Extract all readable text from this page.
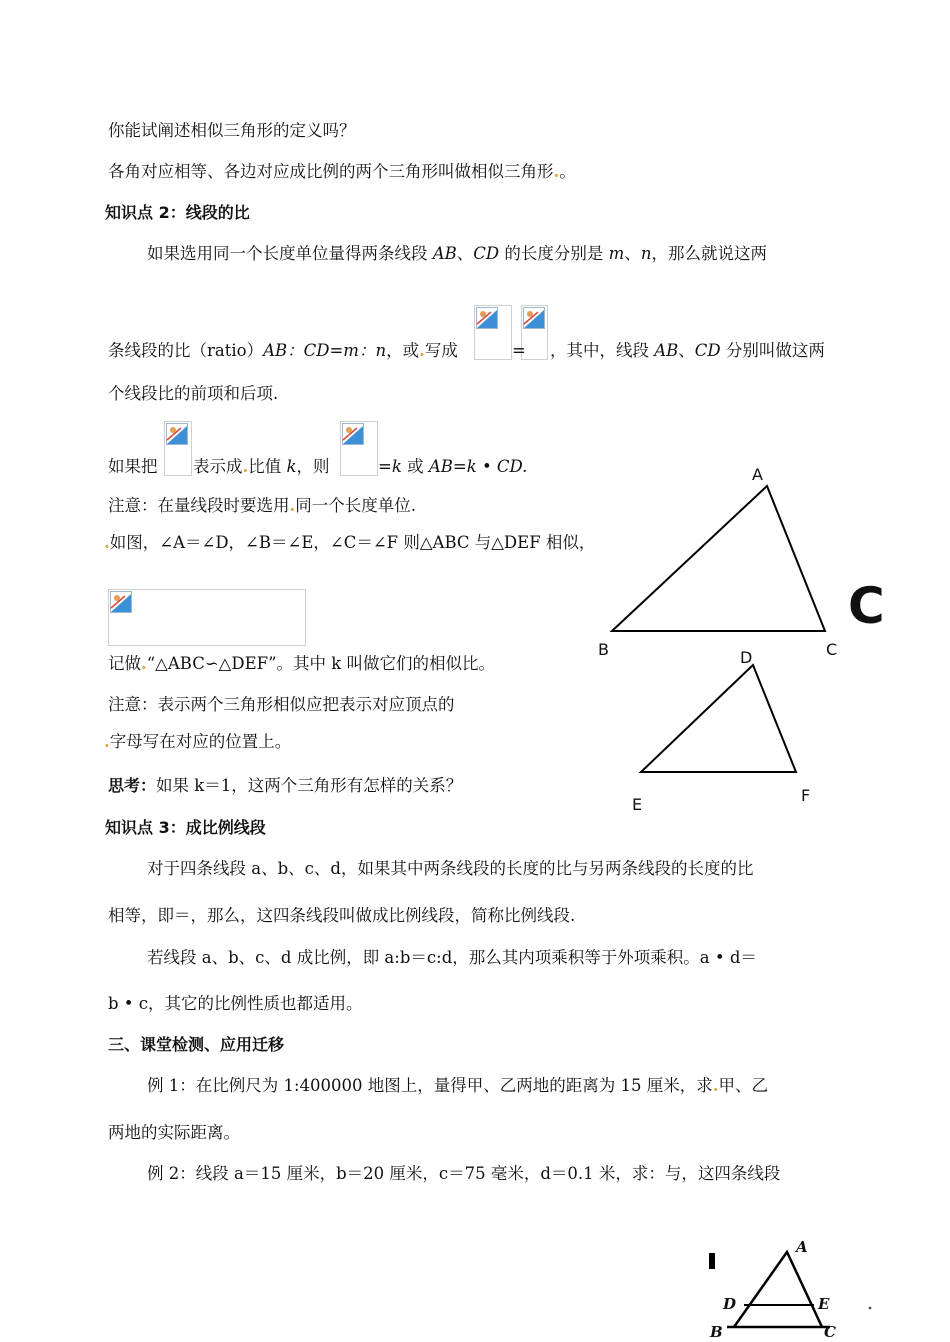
你能试阐述相似三角形的定义吗？
各角对应相等、各边对应成比例的两个三角形叫做相似三角形.。
知识点 2：线段的比
如果选用同一个长度单位量得两条线段 AB、CD 的长度分别是 m、n，那么就说这两
条线段的比（ratio）AB：CD=m：n，或.写成	= ，其中，线段 AB、CD 分别叫做这两
个线段比的前项和后项.
如果把 表示成.比值 k，则	=k 或 AB=k • CD.
注意：在量线段时要选用.同一个长度单位.
.如图，∠A＝∠D，∠B＝∠E，∠C＝∠F 则△ABC 与△DEF 相似，
记做.“△ABC∽△DEF”。其中 k 叫做它们的相似比。
注意：表示两个三角形相似应把表示对应顶点的
.字母写在对应的位置上。
思考：如果 k＝1，这两个三角形有怎样的关系？
知识点 3：成比例线段
对于四条线段 a、b、c、d，如果其中两条线段的长度的比与另两条线段的长度的比
相等，即＝，那么，这四条线段叫做成比例线段，简称比例线段.
若线段 a、b、c、d 成比例，即 a:b＝c:d，那么其内项乘积等于外项乘积。a • d＝
b • c，其它的比例性质也都适用。
三、课堂检测、应用迁移
例 1：在比例尺为 1:400000 地图上，量得甲、乙两地的距离为 15 厘米，求.甲、乙
两地的实际距离。
例 2：线段 a＝15 厘米，b＝20 厘米，c＝75 毫米，d＝0.1 米，求：与，这四条线段
A
B	C
D
E	F
C
A
D	E
B	C
